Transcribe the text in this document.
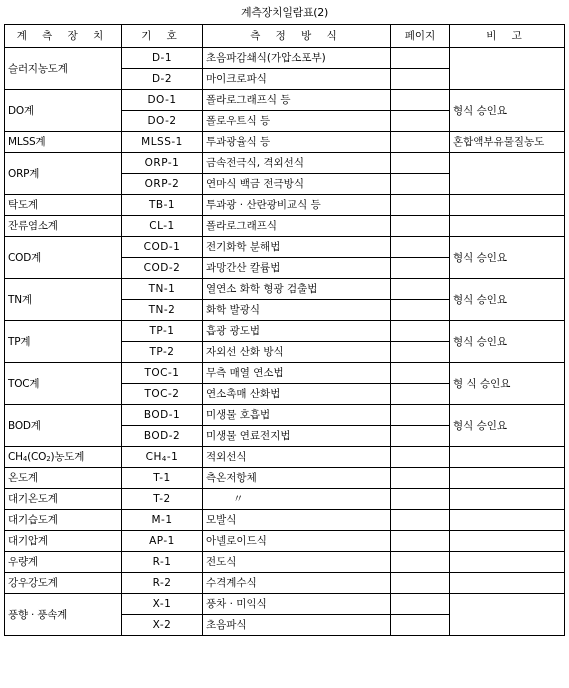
계측장치일람표(2)
계 측 장 치	기 호	측 정 방 식	페이지	비 고
슬러지농도계	D-1	초음파감쇄식(가압소포부)		
	D-2	마이크로파식		
DO계	DO-1	폴라로그래프식 등		형식 승인요
	DO-2	폴로우트식 등		
MLSS계	MLSS-1	투과광율식 등		혼합액부유물질농도
ORP계	ORP-1	금속전극식, 격외선식		
	ORP-2	연마식 백금 전극방식		
탁도계	TB-1	투과광 · 산란광비교식 등		
잔류염소계	CL-1	폴라로그래프식		
COD계	COD-1	전기화학 분해법		형식 승인요
	COD-2	과망간산 칼륨법		
TN계	TN-1	열연소 화학 형광 검출법		형식 승인요
	TN-2	화학 발광식		
TP계	TP-1	흡광 광도법		형식 승인요
	TP-2	자외선 산화 방식		
TOC계	TOC-1	무측 매열 연소법		형 식 승인요
	TOC-2	연소촉매 산화법		
BOD계	BOD-1	미생물 호흡법		형식 승인요
	BOD-2	미생물 연료전지법		
$CH_4(CO_2)$농도계	$CH_4-1$	적외선식		
온도계	T-1	측온저항체		
대기온도계	T-2	〃		
대기습도계	M-1	모발식		
대기압계	AP-1	아넬로이드식		
우량계	R-1	전도식		
강우강도계	R-2	수격계수식		
풍향 · 풍속계	X-1	풍차 · 미익식		
	X-2	초음파식		
